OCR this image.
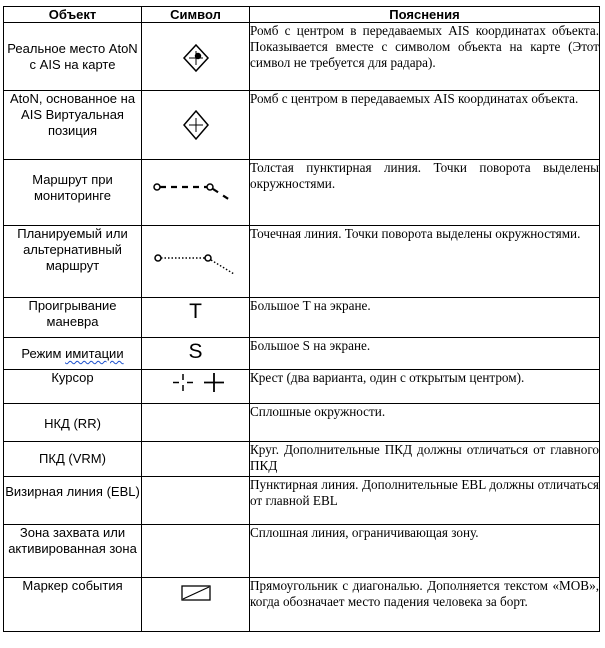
Объект	Символ	Пояснения
Реальное место AtoN с AIS на карте		Ромб с центром в передаваемых AIS координатах объекта. Показывается вместе с символом объекта на карте (Этот символ не требуется для радара).
AtoN, основанное на AIS Виртуальная позиция		Ромб с центром в передаваемых AIS координатах объекта.
Маршрут при мониторинге		Толстая пунктирная линия. Точки поворота выделены окружностями.
Планируемый или альтернативный маршрут		Точечная линия. Точки поворота выделены окружностями.
Проигрывание маневра	T	Большое T на экране.
Режим имитации	S	Большое S на экране.
Курсор		Крест (два варианта, один с открытым центром).
НКД (RR)		Сплошные окружности.
ПКД (VRM)		Круг. Дополнительные ПКД должны отличаться от главного ПКД
Визирная линия (EBL)		Пунктирная линия. Дополнительные EBL должны отличаться от главной EBL
Зона захвата или активированная зона		Сплошная линия, ограничивающая зону.
Маркер события		Прямоугольник с диагональю. Дополняется текстом «MOB», когда обозначает место падения человека за борт.
